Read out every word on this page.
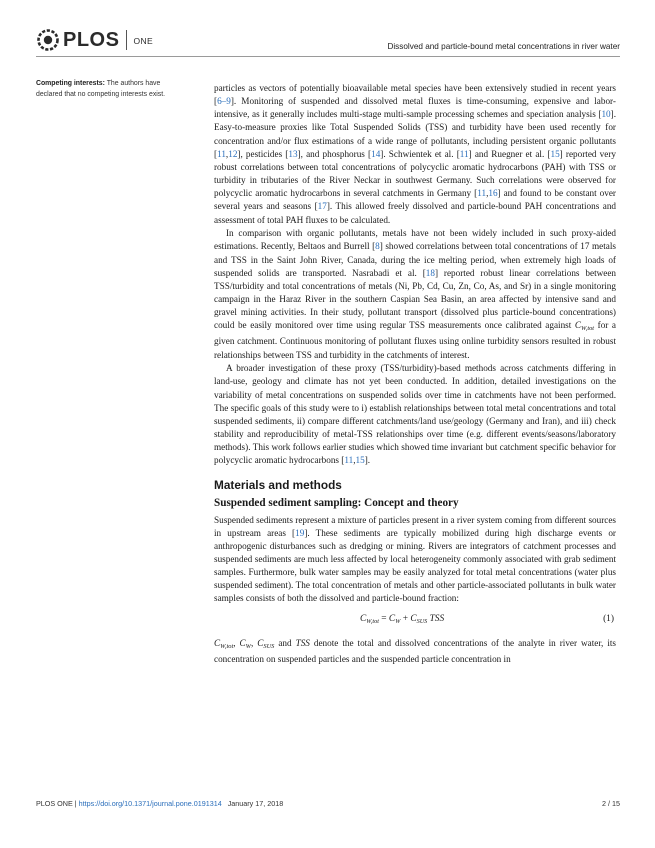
PLOS ONE
Dissolved and particle-bound metal concentrations in river water
Competing interests: The authors have declared that no competing interests exist.

particles as vectors of potentially bioavailable metal species have been extensively studied in recent years [6–9]. Monitoring of suspended and dissolved metal fluxes is time-consuming, expensive and labor-intensive, as it generally includes multi-stage multi-sample processing schemes and speciation analysis [10]. Easy-to-measure proxies like Total Suspended Solids (TSS) and turbidity have been used recently for concentration and/or flux estimations of a wide range of pollutants, including persistent organic pollutants [11,12], pesticides [13], and phosphorus [14]. Schwientek et al. [11] and Ruegner et al. [15] reported very robust correlations between total concentrations of polycyclic aromatic hydrocarbons (PAH) with TSS or turbidity in tributaries of the River Neckar in southwest Germany. Such correlations were observed for polycyclic aromatic hydrocarbons in several catchments in Germany [11,16] and found to be constant over several years and seasons [17]. This allowed freely dissolved and particle-bound PAH concentrations and assessment of total PAH fluxes to be calculated.

In comparison with organic pollutants, metals have not been widely included in such proxy-aided estimations. Recently, Beltaos and Burrell [8] showed correlations between total concentrations of 17 metals and TSS in the Saint John River, Canada, during the ice melting period, when extremely high loads of suspended solids are transported. Nasrabadi et al. [18] reported robust linear correlations between TSS/turbidity and total concentrations of metals (Ni, Pb, Cd, Cu, Zn, Co, As, and Sr) in a single monitoring campaign in the Haraz River in the southern Caspian Sea Basin, an area affected by intensive sand and gravel mining activities. In their study, pollutant transport (dissolved plus particle-bound concentrations) could be easily monitored over time using regular TSS measurements once calibrated against $C_{W,tot}$ for a given catchment. Continuous monitoring of pollutant fluxes using online turbidity sensors resulted in robust relationships between TSS and turbidity in the catchments of interest.

A broader investigation of these proxy (TSS/turbidity)-based methods across catchments differing in land-use, geology and climate has not yet been conducted. In addition, detailed investigations on the variability of metal concentrations on suspended solids over time in catchments have not been performed. The specific goals of this study were to i) establish relationships between total metal concentrations and total suspended sediments, ii) compare different catchments/land use/geology (Germany and Iran), and iii) check stability and reproducibility of metal-TSS relationships over time (e.g. different events/seasons/laboratory methods). This work follows earlier studies which showed time invariant but catchment specific behavior for polycyclic aromatic hydrocarbons [11,15].

Materials and methods
Suspended sediment sampling: Concept and theory

Suspended sediments represent a mixture of particles present in a river system coming from different sources in upstream areas [19]. These sediments are typically mobilized during high discharge events or anthropogenic disturbances such as dredging or mining. Rivers are integrators of catchment processes and suspended sediments are much less affected by local heterogeneity commonly associated with grab sediment samples. Furthermore, bulk water samples may be easily analyzed for total metal concentrations (water plus suspended sediment). The total concentration of metals and other particle-associated pollutants in bulk water samples consists of both the dissolved and particle-bound fraction:

$C_{W,tot} = C_W + C_{SUS}$ TSS	(1)

$C_{W,tot}$, $C_W$, $C_{SUS}$ and TSS denote the total and dissolved concentrations of the analyte in river water, its concentration on suspended particles and the suspended particle concentration in

PLOS ONE | https://doi.org/10.1371/journal.pone.0191314 January 17, 2018	2 / 15
